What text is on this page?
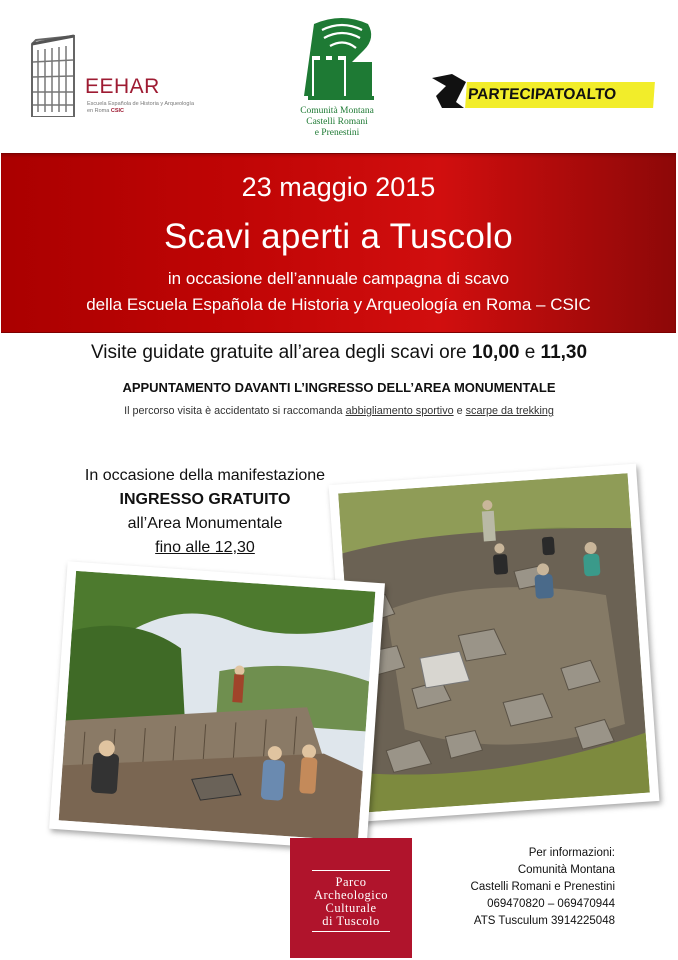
EEHAR
Escuela Española de Historia y Arqueología en Roma CSIC	Comunità Montana
Castelli Romani
e Prenestini
PARTECIPATOALTO
23 maggio 2015
Scavi aperti a Tuscolo
in occasione dell’annuale campagna di scavo
della Escuela Española de Historia y Arqueología en Roma – CSIC
Visite guidate gratuite all’area degli scavi ore 10,00 e 11,30
APPUNTAMENTO DAVANTI L’INGRESSO DELL’AREA MONUMENTALE
Il percorso visita è accidentato si raccomanda abbigliamento sportivo e scarpe da trekking
In occasione della manifestazione
INGRESSO GRATUITO
all’Area Monumentale
fino alle 12,30
Parco
Archeologico
Culturale
di Tuscolo
Per informazioni:
Comunità Montana
Castelli Romani e Prenestini
069470820 – 069470944
ATS Tusculum 3914225048
